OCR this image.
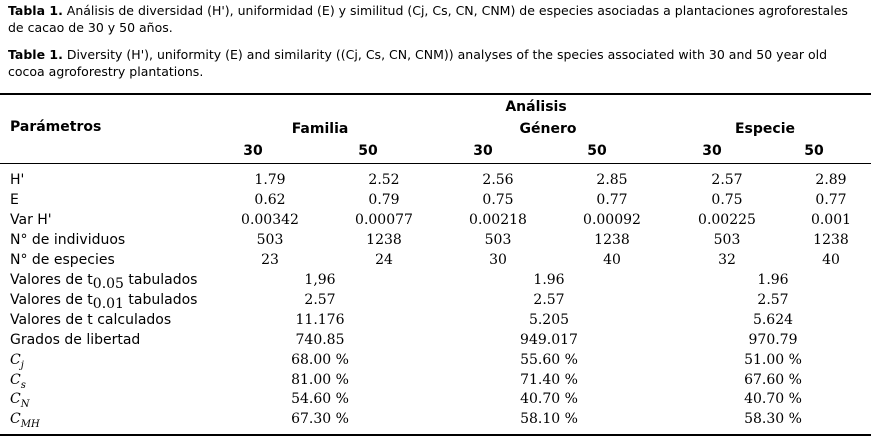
Tabla 1. Análisis de diversidad (H'), uniformidad (E) y similitud (Cj, Cs, CN, CNM) de especies asociadas a plantaciones agroforestales de cacao de 30 y 50 años.
Table 1. Diversity (H'), uniformity (E) and similarity ((Cj, Cs, CN, CNM)) analyses of the species associated with 30 and 50 year old cocoa agroforestry plantations.
Análisis
Parámetros	Familia	Género	Especie
30	50	30	50	30	50
H'	1.79	2.52	2.56	2.85	2.57	2.89
E	0.62	0.79	0.75	0.77	0.75	0.77
Var H'	0.00342	0.00077	0.00218	0.00092	0.00225	0.001
N° de individuos	503	1238	503	1238	503	1238
N° de especies	23	24	30	40	32	40
Valores de $t_{0.05}$ tabulados	1,96	1.96	1.96
Valores de $t_{0.01}$ tabulados	2.57	2.57	2.57
Valores de t calculados	11.176	5.205	5.624
Grados de libertad	740.85	949.017	970.79
$C_j$	68.00 %	55.60 %	51.00 %
$C_s$	81.00 %	71.40 %	67.60 %
$C_N$	54.60 %	40.70 %	40.70 %
$C_{MH}$	67.30 %	58.10 %	58.30 %
